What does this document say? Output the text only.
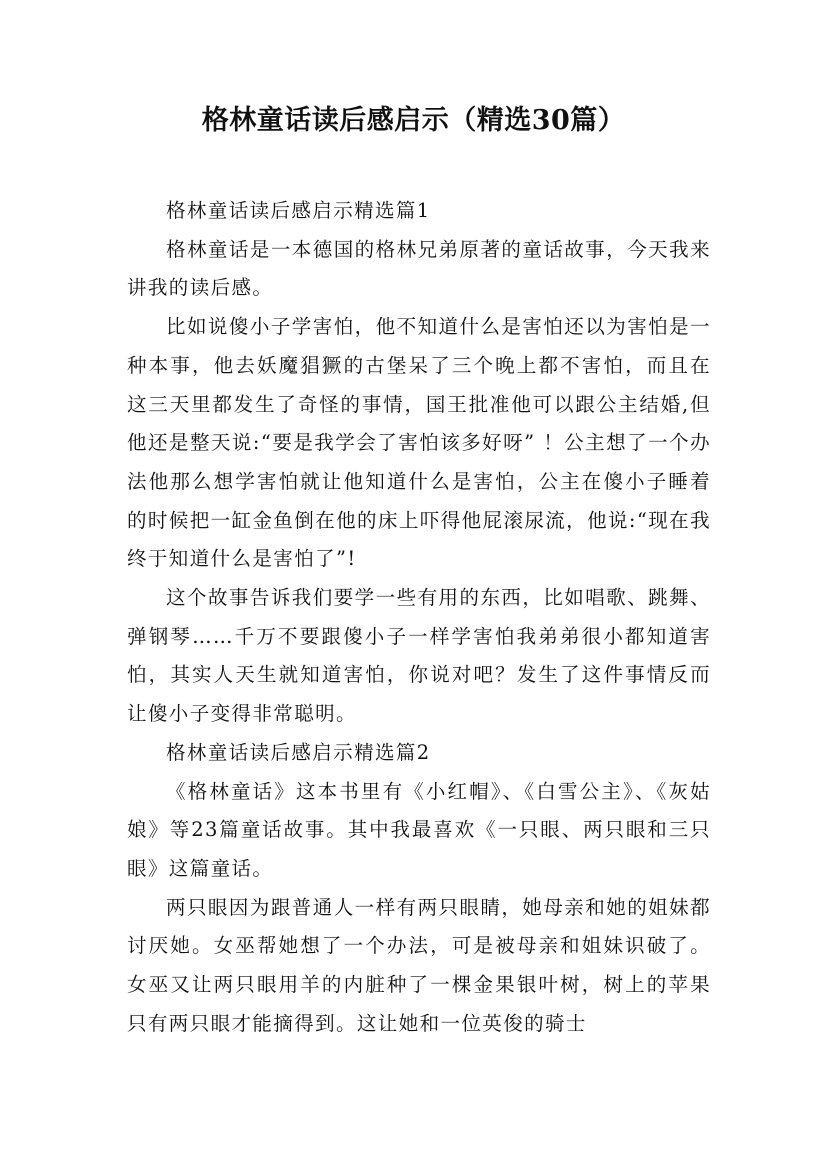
格林童话读后感启示（精选30篇）

格林童话读后感启示精选篇1

格林童话是一本德国的格林兄弟原著的童话故事，今天我来讲我的读后感。

比如说傻小子学害怕，他不知道什么是害怕还以为害怕是一种本事，他去妖魔猖獗的古堡呆了三个晚上都不害怕，而且在这三天里都发生了奇怪的事情，国王批准他可以跟公主结婚,但他还是整天说:“要是我学会了害怕该多好呀” ！公主想了一个办法他那么想学害怕就让他知道什么是害怕，公主在傻小子睡着的时候把一缸金鱼倒在他的床上吓得他屁滚尿流，他说:“现在我终于知道什么是害怕了”!

这个故事告诉我们要学一些有用的东西，比如唱歌、跳舞、弹钢琴……千万不要跟傻小子一样学害怕我弟弟很小都知道害怕，其实人天生就知道害怕，你说对吧？发生了这件事情反而让傻小子变得非常聪明。

格林童话读后感启示精选篇2

《格林童话》这本书里有《小红帽》、《白雪公主》、《灰姑娘》等23篇童话故事。其中我最喜欢《一只眼、两只眼和三只眼》这篇童话。

两只眼因为跟普通人一样有两只眼睛，她母亲和她的姐妹都讨厌她。女巫帮她想了一个办法，可是被母亲和姐妹识破了。女巫又让两只眼用羊的内脏种了一棵金果银叶树，树上的苹果只有两只眼才能摘得到。这让她和一位英俊的骑士
